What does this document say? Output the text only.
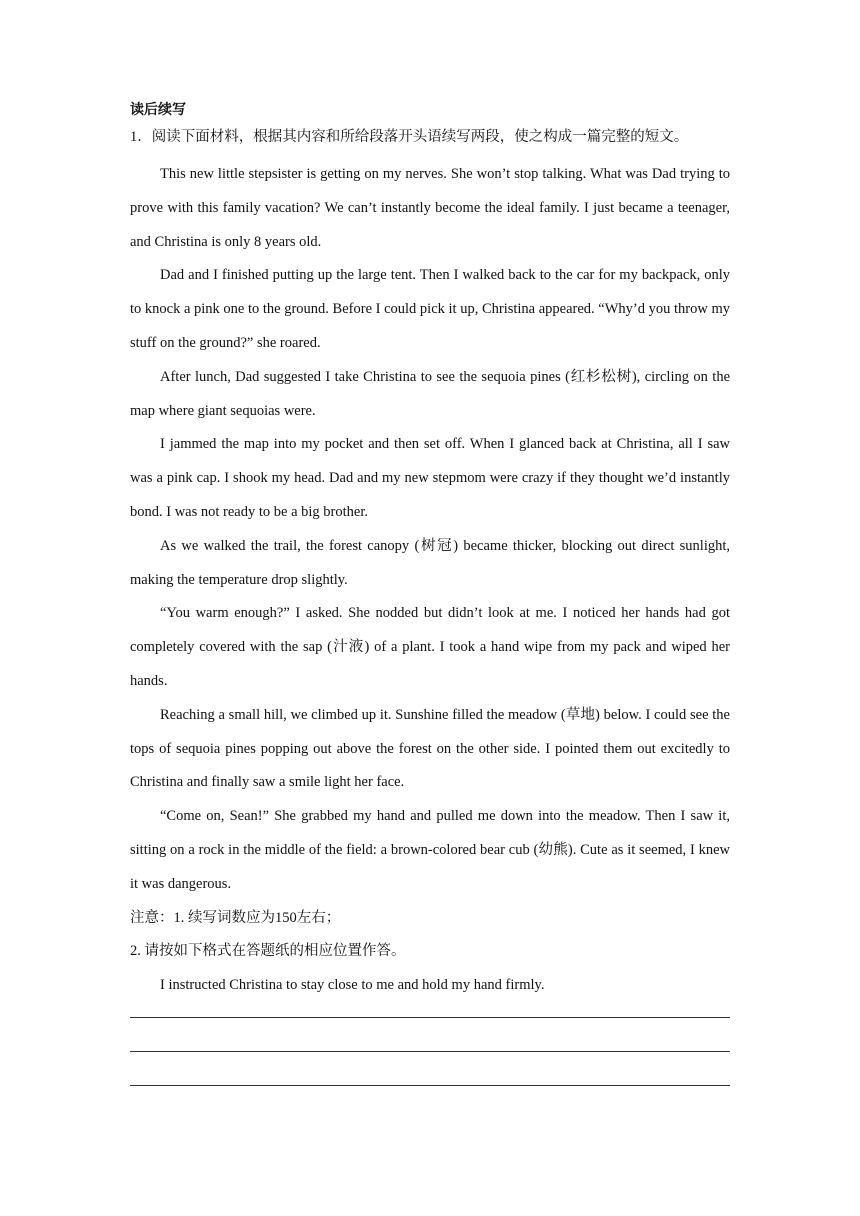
读后续写
1．阅读下面材料，根据其内容和所给段落开头语续写两段，使之构成一篇完整的短文。

This new little stepsister is getting on my nerves. She won’t stop talking. What was Dad trying to prove with this family vacation? We can’t instantly become the ideal family. I just became a teenager, and Christina is only 8 years old.

Dad and I finished putting up the large tent. Then I walked back to the car for my backpack, only to knock a pink one to the ground. Before I could pick it up, Christina appeared. “Why’d you throw my stuff on the ground?” she roared.

After lunch, Dad suggested I take Christina to see the sequoia pines (红杉松树), circling on the map where giant sequoias were.

I jammed the map into my pocket and then set off. When I glanced back at Christina, all I saw was a pink cap. I shook my head. Dad and my new stepmom were crazy if they thought we’d instantly bond. I was not ready to be a big brother.

As we walked the trail, the forest canopy (树冠) became thicker, blocking out direct sunlight, making the temperature drop slightly.

“You warm enough?” I asked. She nodded but didn’t look at me. I noticed her hands had got completely covered with the sap (汁液) of a plant. I took a hand wipe from my pack and wiped her hands.

Reaching a small hill, we climbed up it. Sunshine filled the meadow (草地) below. I could see the tops of sequoia pines popping out above the forest on the other side. I pointed them out excitedly to Christina and finally saw a smile light her face.

“Come on, Sean!” She grabbed my hand and pulled me down into the meadow. Then I saw it, sitting on a rock in the middle of the field: a brown-colored bear cub (幼熊). Cute as it seemed, I knew it was dangerous.

注意：1. 续写词数应为150左右；

2. 请按如下格式在答题纸的相应位置作答。

I instructed Christina to stay close to me and hold my hand firmly.
